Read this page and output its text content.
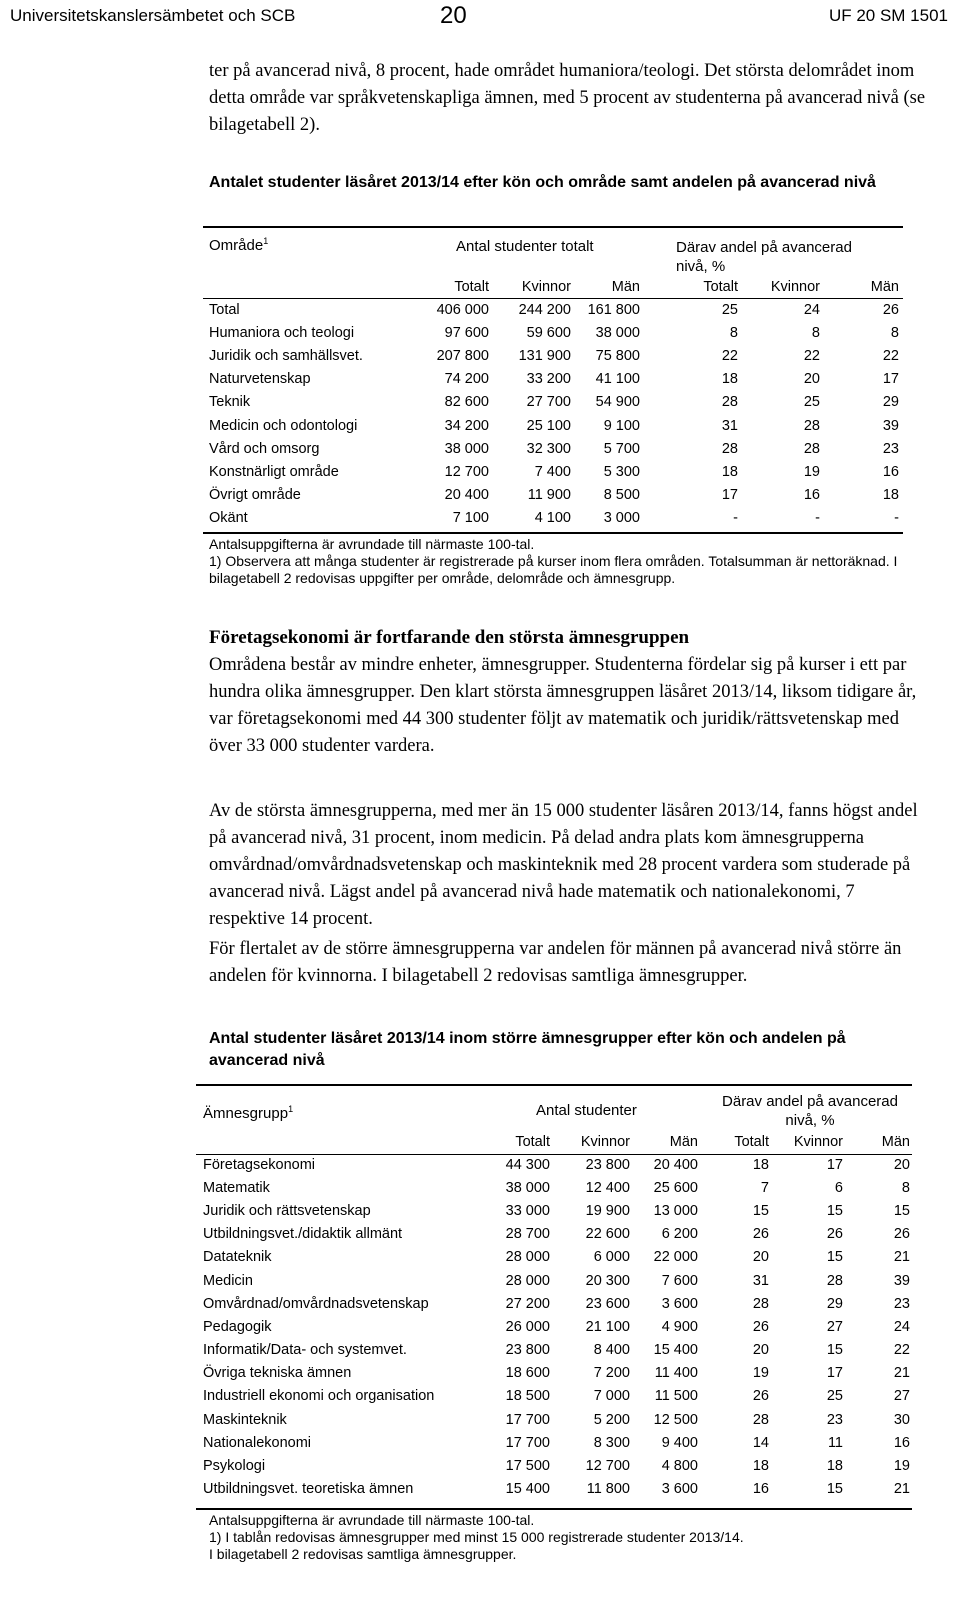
Universitetskanslersämbetet och SCB	20	UF 20 SM 1501

ter på avancerad nivå, 8 procent, hade området humaniora/teologi. Det största delområdet inom detta område var språkvetenskapliga ämnen, med 5 procent av studenterna på avancerad nivå (se bilagetabell 2).

Antalet studenter läsåret 2013/14 efter kön och område samt andelen på avancerad nivå

Område$^1$	Antal studenter totalt	Därav andel på avancerad nivå, %
	Totalt	Kvinnor	Män	Totalt	Kvinnor	Män
Total	406 000	244 200	161 800	25	24	26
Humaniora och teologi	97 600	59 600	38 000	8	8	8
Juridik och samhällsvet.	207 800	131 900	75 800	22	22	22
Naturvetenskap	74 200	33 200	41 100	18	20	17
Teknik	82 600	27 700	54 900	28	25	29
Medicin och odontologi	34 200	25 100	9 100	31	28	39
Vård och omsorg	38 000	32 300	5 700	28	28	23
Konstnärligt område	12 700	7 400	5 300	18	19	16
Övrigt område	20 400	11 900	8 500	17	16	18
Okänt	7 100	4 100	3 000	-	-	-
Antalsuppgifterna är avrundade till närmaste 100-tal.
1) Observera att många studenter är registrerade på kurser inom flera områden. Totalsumman är nettoräknad. I bilagetabell 2 redovisas uppgifter per område, delområde och ämnesgrupp.
Företagsekonomi är fortfarande den största ämnesgruppen

Områdena består av mindre enheter, ämnesgrupper. Studenterna fördelar sig på kurser i ett par hundra olika ämnesgrupper. Den klart största ämnesgruppen läsåret 2013/14, liksom tidigare år, var företagsekonomi med 44 300 studenter följt av matematik och juridik/rättsvetenskap med över 33 000 studenter vardera.

Av de största ämnesgrupperna, med mer än 15 000 studenter läsåren 2013/14, fanns högst andel på avancerad nivå, 31 procent, inom medicin. På delad andra plats kom ämnesgrupperna omvårdnad/omvårdnadsvetenskap och maskinteknik med 28 procent vardera som studerade på avancerad nivå. Lägst andel på avancerad nivå hade matematik och nationalekonomi, 7 respektive 14 procent.

För flertalet av de större ämnesgrupperna var andelen för männen på avancerad nivå större än andelen för kvinnorna. I bilagetabell 2 redovisas samtliga ämnesgrupper.

Antal studenter läsåret 2013/14 inom större ämnesgrupper efter kön och andelen på avancerad nivå

Ämnesgrupp$^1$	Antal studenter
Därav andel på avancerad nivå, %
	Totalt	Kvinnor	Män	Totalt	Kvinnor	Män
Företagsekonomi	44 300	23 800	20 400	18	17	20
Matematik	38 000	12 400	25 600	7	6	8
Juridik och rättsvetenskap	33 000	19 900	13 000	15	15	15
Utbildningsvet./didaktik allmänt	28 700	22 600	6 200	26	26	26
Datateknik	28 000	6 000	22 000	20	15	21
Medicin	28 000	20 300	7 600	31	28	39
Omvårdnad/omvårdnadsvetenskap	27 200	23 600	3 600	28	29	23
Pedagogik	26 000	21 100	4 900	26	27	24
Informatik/Data- och systemvet.	23 800	8 400	15 400	20	15	22
Övriga tekniska ämnen	18 600	7 200	11 400	19	17	21
Industriell ekonomi och organisation	18 500	7 000	11 500	26	25	27
Maskinteknik	17 700	5 200	12 500	28	23	30
Nationalekonomi	17 700	8 300	9 400	14	11	16
Psykologi	17 500	12 700	4 800	18	18	19
Utbildningsvet. teoretiska ämnen	15 400	11 800	3 600	16	15	21
Antalsuppgifterna är avrundade till närmaste 100-tal.
1) I tablån redovisas ämnesgrupper med minst 15 000 registrerade studenter 2013/14.
I bilagetabell 2 redovisas samtliga ämnesgrupper.
